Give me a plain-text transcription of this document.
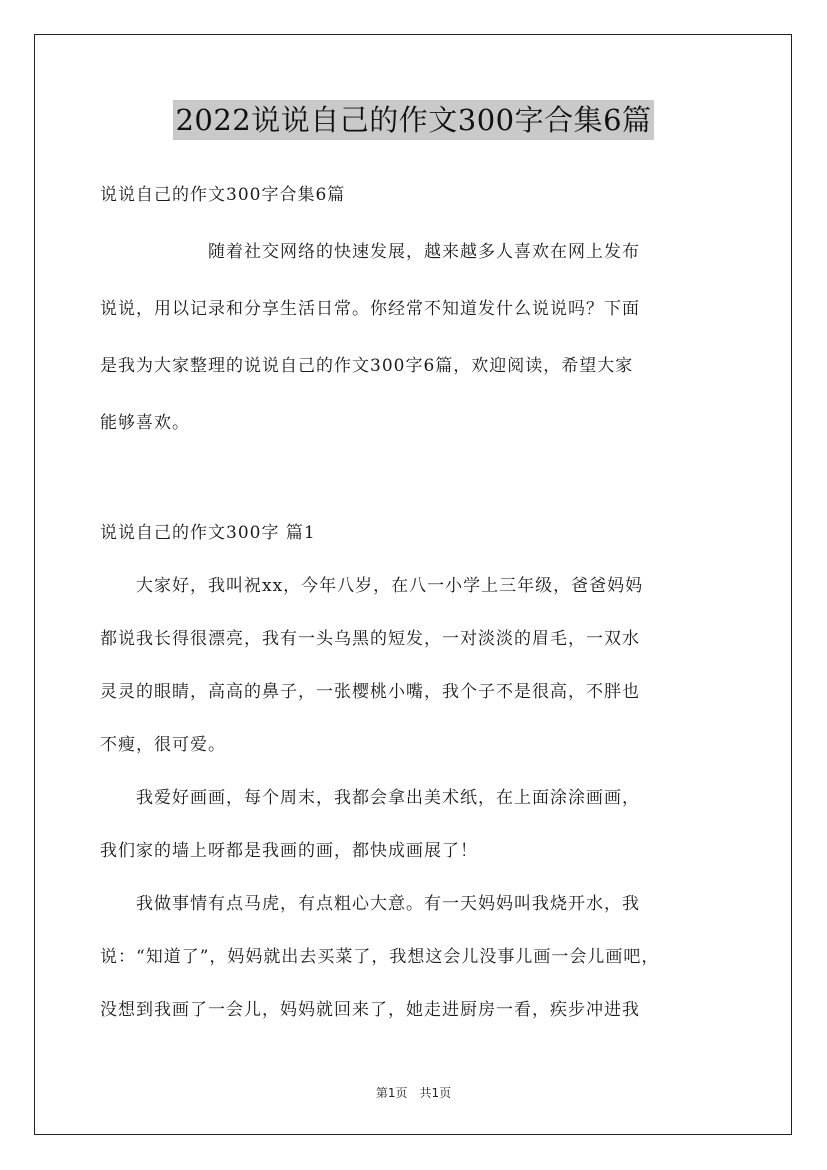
2022说说自己的作文300字合集6篇
说说自己的作文300字合集6篇
　　　　　　随着社交网络的快速发展，越来越多人喜欢在网上发布
说说，用以记录和分享生活日常。你经常不知道发什么说说吗？下面
是我为大家整理的说说自己的作文300字6篇，欢迎阅读，希望大家
能够喜欢。
说说自己的作文300字 篇1
　　大家好，我叫祝xx，今年八岁，在八一小学上三年级，爸爸妈妈
都说我长得很漂亮，我有一头乌黑的短发，一对淡淡的眉毛，一双水
灵灵的眼睛，高高的鼻子，一张樱桃小嘴，我个子不是很高，不胖也
不瘦，很可爱。
　　我爱好画画，每个周末，我都会拿出美术纸，在上面涂涂画画，
我们家的墙上呀都是我画的画，都快成画展了！
　　我做事情有点马虎，有点粗心大意。有一天妈妈叫我烧开水，我
说：“知道了”，妈妈就出去买菜了，我想这会儿没事儿画一会儿画吧，
没想到我画了一会儿，妈妈就回来了，她走进厨房一看，疾步冲进我
第1页　共1页
